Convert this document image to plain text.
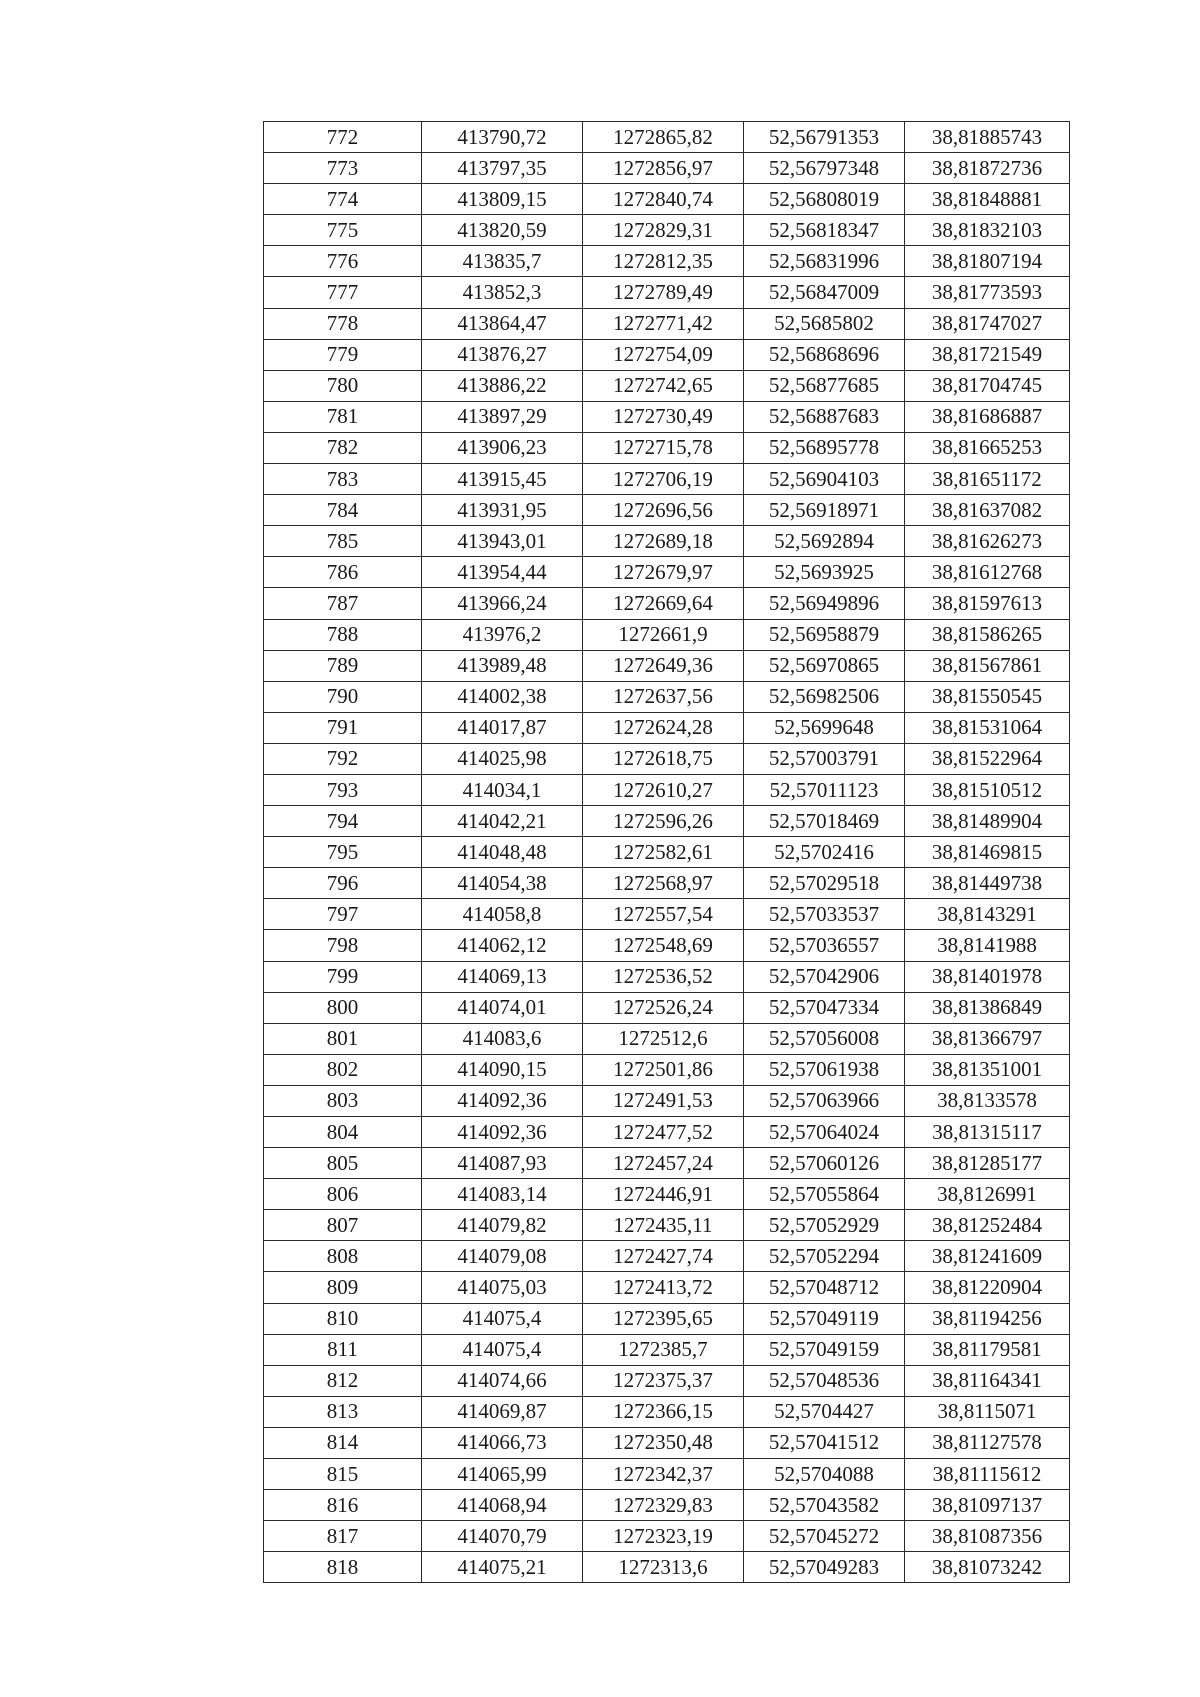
772	413790,72	1272865,82	52,56791353	38,81885743
773	413797,35	1272856,97	52,56797348	38,81872736
774	413809,15	1272840,74	52,56808019	38,81848881
775	413820,59	1272829,31	52,56818347	38,81832103
776	413835,7	1272812,35	52,56831996	38,81807194
777	413852,3	1272789,49	52,56847009	38,81773593
778	413864,47	1272771,42	52,5685802	38,81747027
779	413876,27	1272754,09	52,56868696	38,81721549
780	413886,22	1272742,65	52,56877685	38,81704745
781	413897,29	1272730,49	52,56887683	38,81686887
782	413906,23	1272715,78	52,56895778	38,81665253
783	413915,45	1272706,19	52,56904103	38,81651172
784	413931,95	1272696,56	52,56918971	38,81637082
785	413943,01	1272689,18	52,5692894	38,81626273
786	413954,44	1272679,97	52,5693925	38,81612768
787	413966,24	1272669,64	52,56949896	38,81597613
788	413976,2	1272661,9	52,56958879	38,81586265
789	413989,48	1272649,36	52,56970865	38,81567861
790	414002,38	1272637,56	52,56982506	38,81550545
791	414017,87	1272624,28	52,5699648	38,81531064
792	414025,98	1272618,75	52,57003791	38,81522964
793	414034,1	1272610,27	52,57011123	38,81510512
794	414042,21	1272596,26	52,57018469	38,81489904
795	414048,48	1272582,61	52,5702416	38,81469815
796	414054,38	1272568,97	52,57029518	38,81449738
797	414058,8	1272557,54	52,57033537	38,8143291
798	414062,12	1272548,69	52,57036557	38,8141988
799	414069,13	1272536,52	52,57042906	38,81401978
800	414074,01	1272526,24	52,57047334	38,81386849
801	414083,6	1272512,6	52,57056008	38,81366797
802	414090,15	1272501,86	52,57061938	38,81351001
803	414092,36	1272491,53	52,57063966	38,8133578
804	414092,36	1272477,52	52,57064024	38,81315117
805	414087,93	1272457,24	52,57060126	38,81285177
806	414083,14	1272446,91	52,57055864	38,8126991
807	414079,82	1272435,11	52,57052929	38,81252484
808	414079,08	1272427,74	52,57052294	38,81241609
809	414075,03	1272413,72	52,57048712	38,81220904
810	414075,4	1272395,65	52,57049119	38,81194256
811	414075,4	1272385,7	52,57049159	38,81179581
812	414074,66	1272375,37	52,57048536	38,81164341
813	414069,87	1272366,15	52,5704427	38,8115071
814	414066,73	1272350,48	52,57041512	38,81127578
815	414065,99	1272342,37	52,5704088	38,81115612
816	414068,94	1272329,83	52,57043582	38,81097137
817	414070,79	1272323,19	52,57045272	38,81087356
818	414075,21	1272313,6	52,57049283	38,81073242
